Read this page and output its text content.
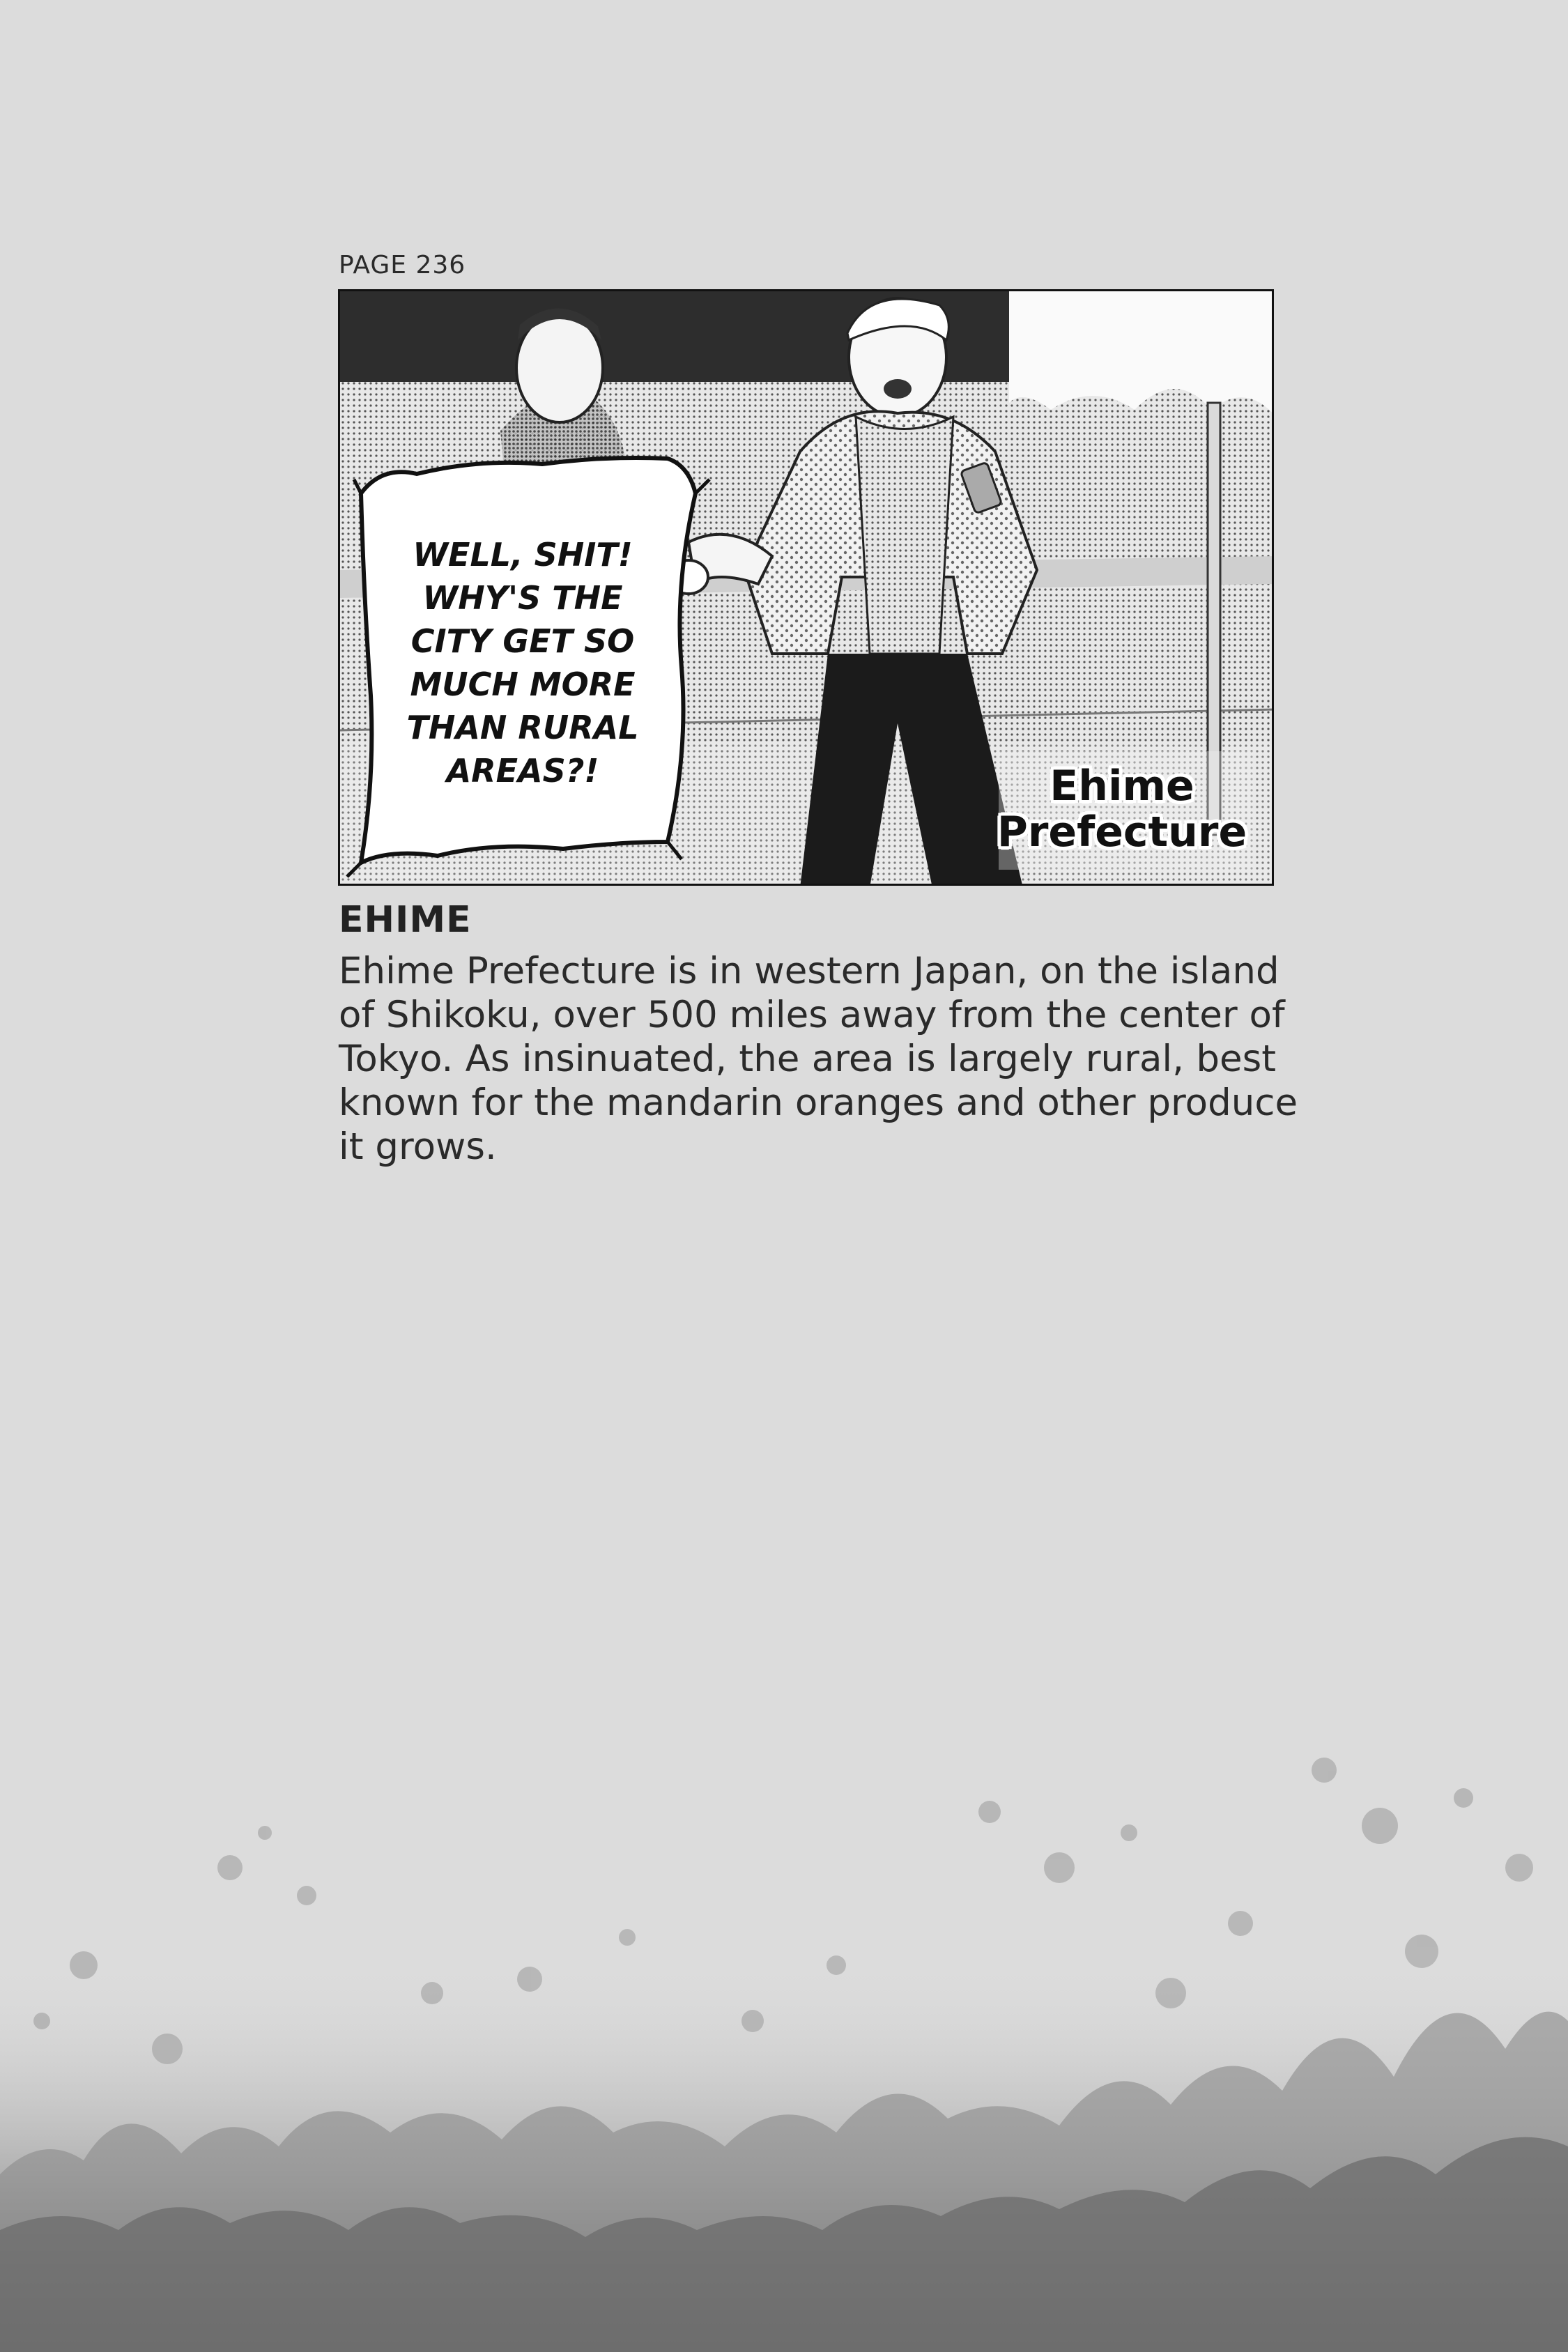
PAGE 236
WELL, SHIT!
WHY'S THE
CITY GET SO
MUCH MORE
THAN RURAL
AREAS?!	Ehime
Prefecture
EHIME
Ehime Prefecture is in western Japan, on the island
of Shikoku, over 500 miles away from the center of
Tokyo. As insinuated, the area is largely rural, best
known for the mandarin oranges and other produce
it grows.
